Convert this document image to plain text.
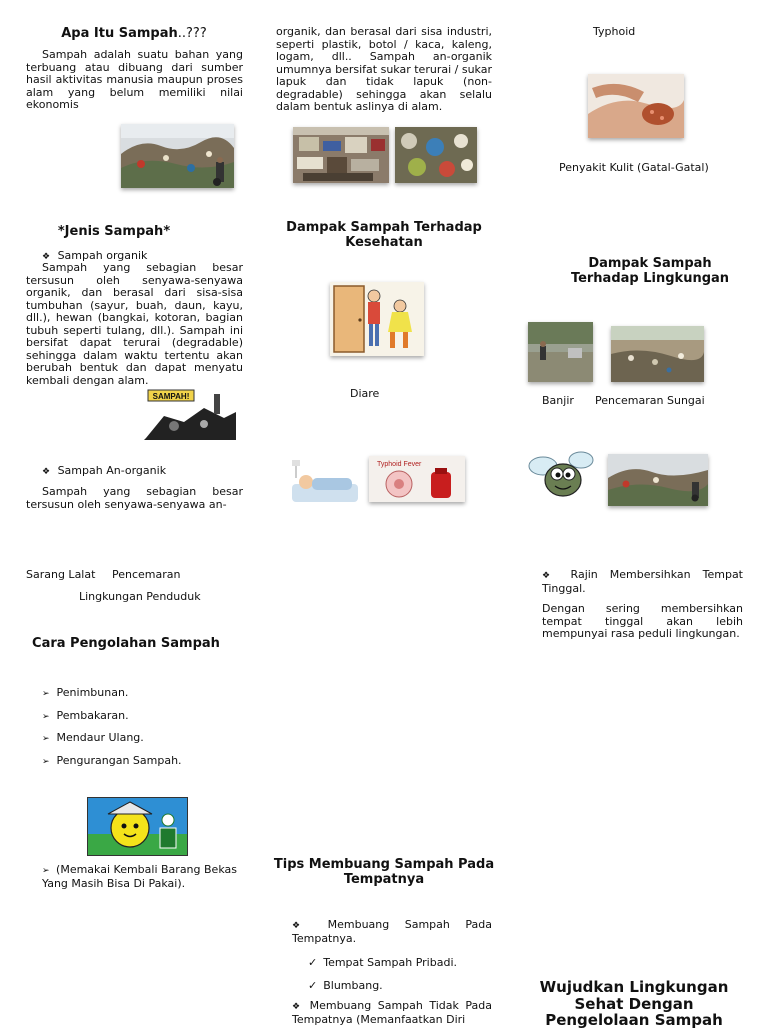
Apa Itu Sampah..???
Sampah adalah suatu bahan yang terbuang atau dibuang dari sumber hasil aktivitas manusia maupun proses alam yang belum memiliki nilai ekonomis
*Jenis Sampah*
❖ Sampah organik
Sampah yang sebagian besar tersusun oleh senyawa-senyawa organik, dan berasal dari sisa-sisa tumbuhan (sayur, buah, daun, kayu, dll.), hewan (bangkai, kotoran, bagian tubuh seperti tulang, dll.). Sampah ini bersifat dapat terurai (degradable) sehingga dalam waktu tertentu akan berubah bentuk dan dapat menyatu kembali dengan alam.
SAMPAH!
❖ Sampah An-organik
Sampah yang sebagian besar tersusun oleh senyawa-senyawa an-
Sarang Lalat Pencemaran
Lingkungan Penduduk
Cara Pengolahan Sampah
➢ Penimbunan.
➢ Pembakaran.
➢ Mendaur Ulang.
➢ Pengurangan Sampah.
➢ (Memakai Kembali Barang Bekas Yang Masih Bisa Di Pakai).
organik, dan berasal dari sisa industri, seperti plastik, botol / kaca, kaleng, logam, dll.. Sampah an-organik umumnya bersifat sukar terurai / sukar lapuk dan tidak lapuk (non-degradable) sehingga akan selalu dalam bentuk aslinya di alam.
Dampak Sampah Terhadap Kesehatan
Diare
Typhoid Fever
Tips Membuang Sampah Pada Tempatnya
❖ Membuang Sampah Pada Tempatnya.
✓ Tempat Sampah Pribadi.
✓ Blumbang.
❖ Membuang Sampah Tidak Pada Tempatnya (Memanfaatkan Diri
Typhoid
Penyakit Kulit (Gatal-Gatal)
Dampak Sampah Terhadap Lingkungan
Banjir Pencemaran Sungai
❖ Rajin Membersihkan Tempat Tinggal.
Dengan sering membersihkan tempat tinggal akan lebih mempunyai rasa peduli lingkungan.
Wujudkan Lingkungan Sehat Dengan Pengelolaan Sampah
